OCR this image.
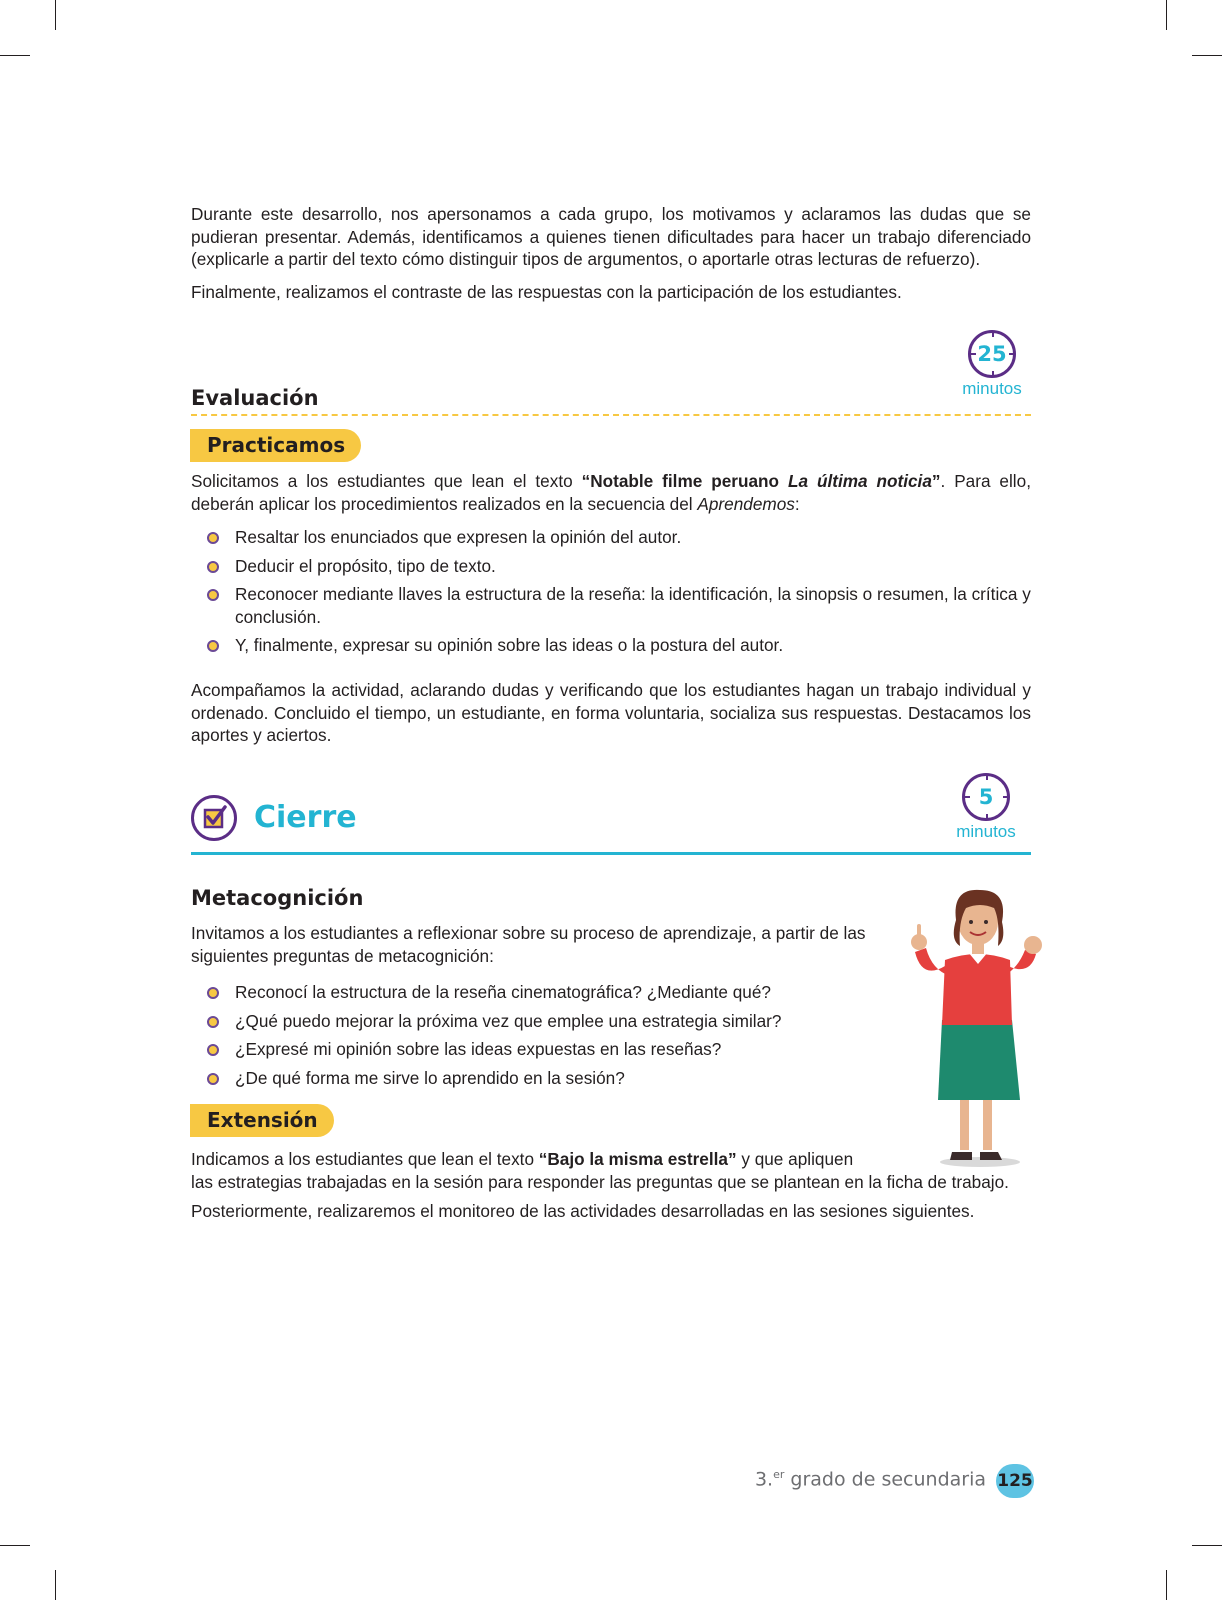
Durante este desarrollo, nos apersonamos a cada grupo, los motivamos y aclaramos las dudas que se pudieran presentar. Además, identificamos a quienes tienen dificultades para hacer un trabajo diferenciado (explicarle a partir del texto cómo distinguir tipos de argumentos, o aportarle otras lecturas de refuerzo).

Finalmente, realizamos el contraste de las respuestas con la participación de los estudiantes.

Evaluación
25
minutos
Practicamos

Solicitamos a los estudiantes que lean el texto “Notable filme peruano La última noticia”. Para ello, deberán aplicar los procedimientos realizados en la secuencia del Aprendemos:

Resaltar los enunciados que expresen la opinión del autor.
Deducir el propósito, tipo de texto.
Reconocer mediante llaves la estructura de la reseña: la identificación, la sinopsis o resumen, la crítica y conclusión.
Y, finalmente, expresar su opinión sobre las ideas o la postura del autor.

Acompañamos la actividad, aclarando dudas y verificando que los estudiantes hagan un trabajo individual y ordenado. Concluido el tiempo, un estudiante, en forma voluntaria, socializa sus respuestas. Destacamos los aportes y aciertos.

Cierre
5
minutos
Metacognición

Invitamos a los estudiantes a reflexionar sobre su proceso de aprendizaje, a partir de las siguientes preguntas de metacognición:

Reconocí la estructura de la reseña cinematográfica? ¿Mediante qué?
¿Qué puedo mejorar la próxima vez que emplee una estrategia similar?
¿Expresé mi opinión sobre las ideas expuestas en las reseñas?
¿De qué forma me sirve lo aprendido en la sesión?
Extensión

Indicamos a los estudiantes que lean el texto “Bajo la misma estrella” y que apliquen
las estrategias trabajadas en la sesión para responder las preguntas que se plantean en la ficha de trabajo.

Posteriormente, realizaremos el monitoreo de las actividades desarrolladas en las sesiones siguientes.

3.$^{er}$ grado de secundaria 125
